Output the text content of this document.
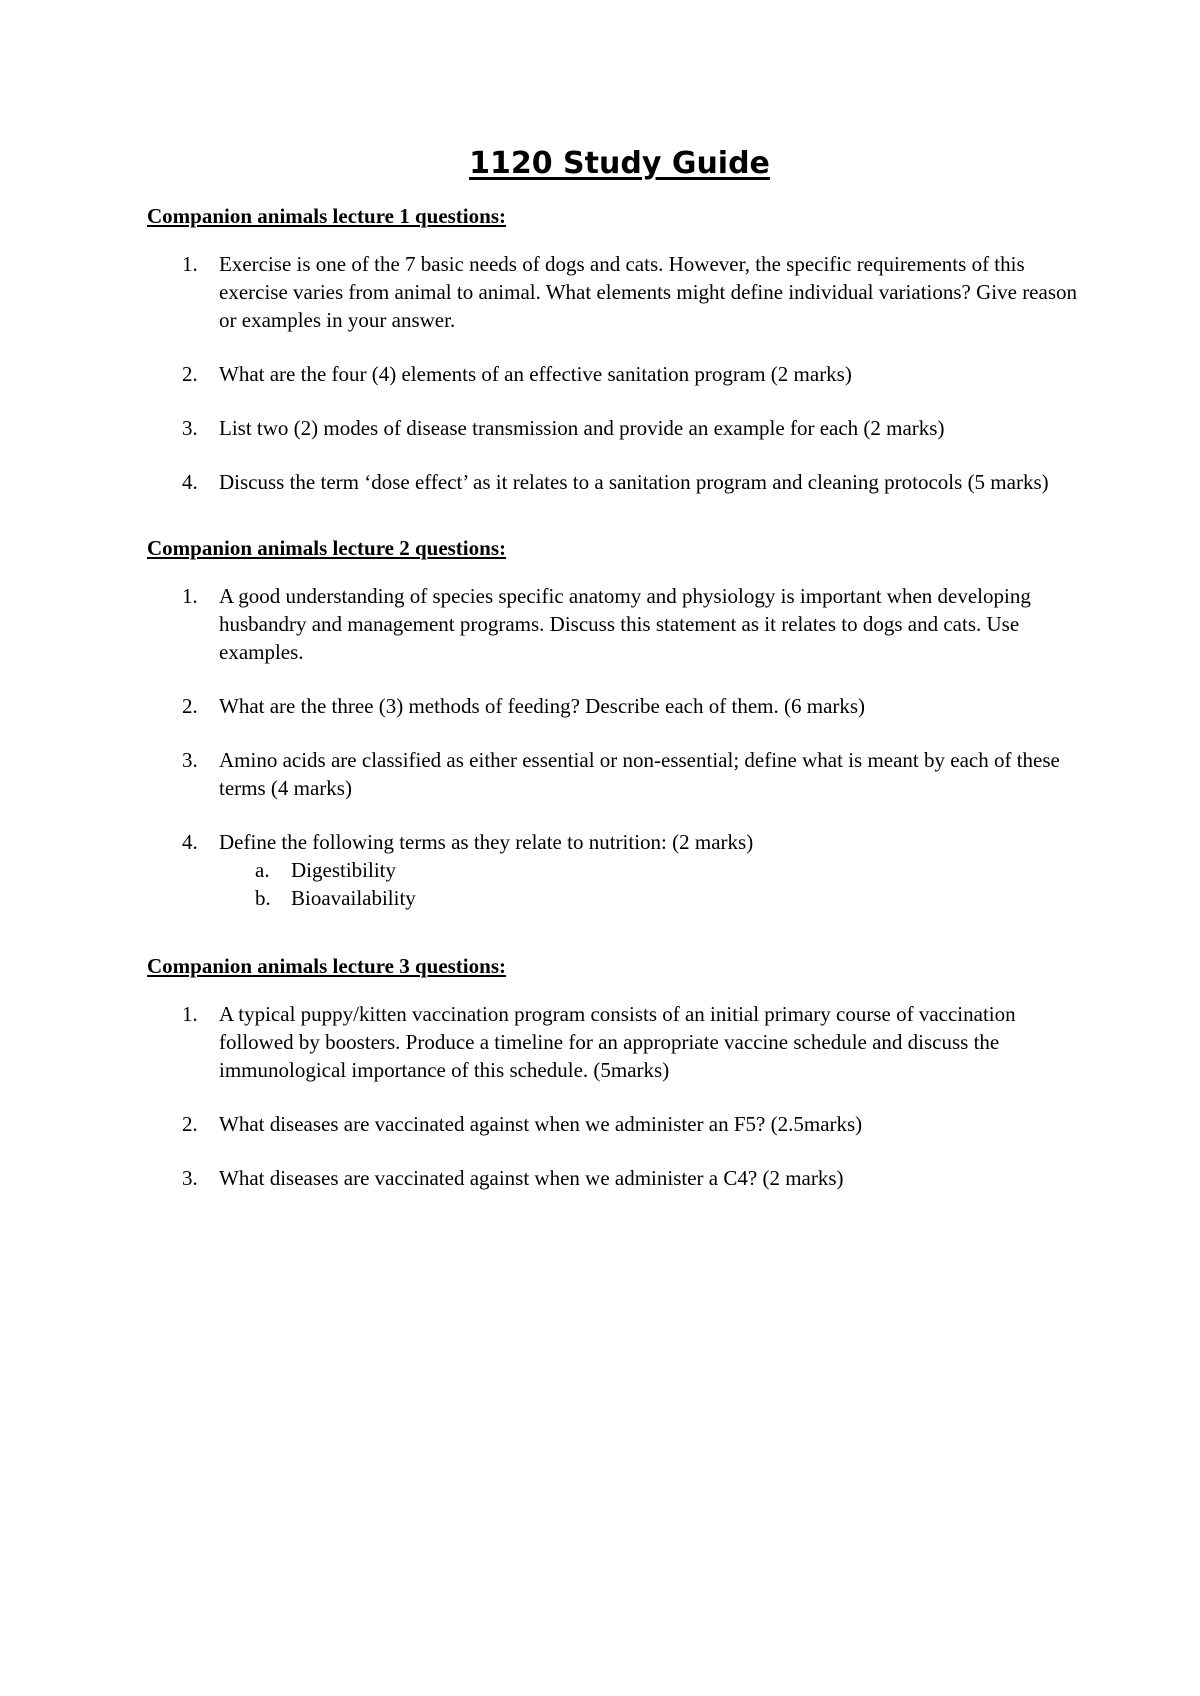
1120 Study Guide
Companion animals lecture 1 questions:
1. Exercise is one of the 7 basic needs of dogs and cats. However, the specific requirements of this exercise varies from animal to animal. What elements might define individual variations? Give reason or examples in your answer.
2. What are the four (4) elements of an effective sanitation program (2 marks)
3. List two (2) modes of disease transmission and provide an example for each (2 marks)
4. Discuss the term ‘dose effect’ as it relates to a sanitation program and cleaning protocols (5 marks)
Companion animals lecture 2 questions:
1. A good understanding of species specific anatomy and physiology is important when developing husbandry and management programs. Discuss this statement as it relates to dogs and cats. Use examples.
2. What are the three (3) methods of feeding? Describe each of them. (6 marks)
3. Amino acids are classified as either essential or non-essential; define what is meant by each of these terms (4 marks)
4. Define the following terms as they relate to nutrition: (2 marks)
a. Digestibility
b. Bioavailability
Companion animals lecture 3 questions:
1. A typical puppy/kitten vaccination program consists of an initial primary course of vaccination followed by boosters. Produce a timeline for an appropriate vaccine schedule and discuss the immunological importance of this schedule. (5marks)
2. What diseases are vaccinated against when we administer an F5? (2.5marks)
3. What diseases are vaccinated against when we administer a C4? (2 marks)
